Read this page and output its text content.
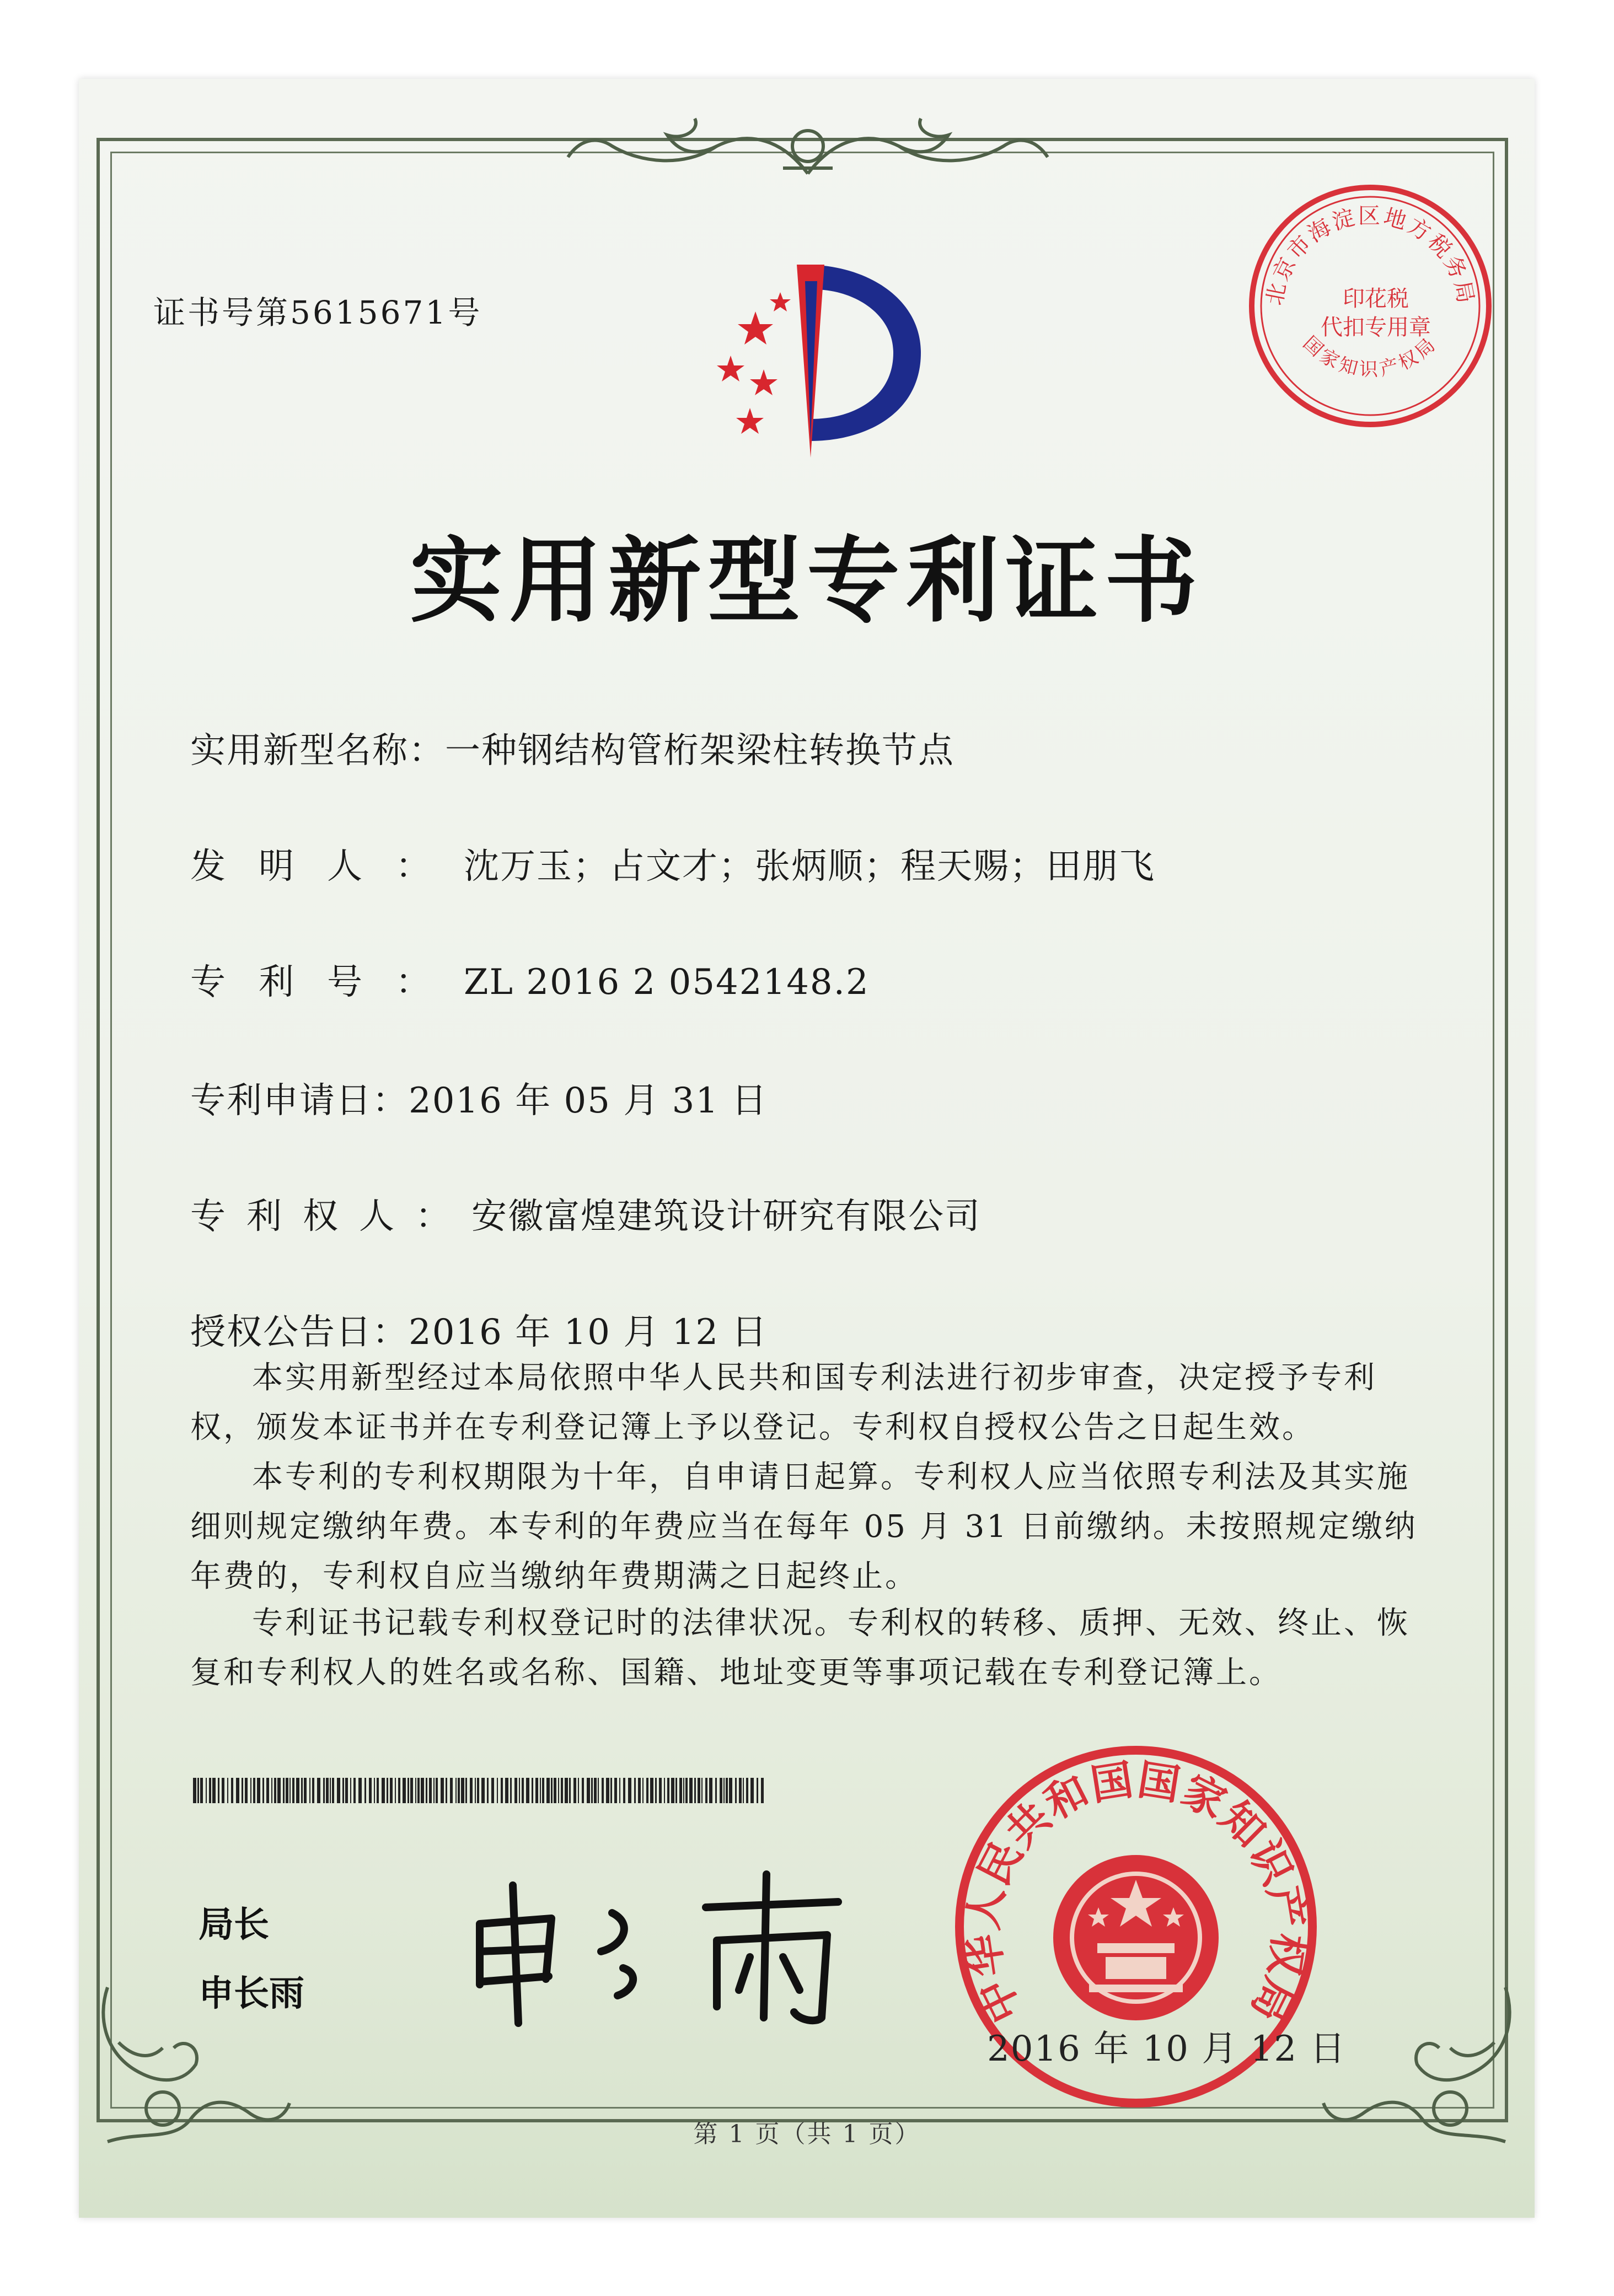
证书号第5615671号
北京市海淀区地方税务局
国家知识产权局
印花税
代扣专用章
实用新型专利证书
实用新型名称：一种钢结构管桁架梁柱转换节点
发明人：沈万玉；占文才；张炳顺；程天赐；田朋飞
专利号：ZL 2016 2 0542148.2
专利申请日：2016 年 05 月 31 日
专利权人：安徽富煌建筑设计研究有限公司
授权公告日：2016 年 10 月 12 日
本实用新型经过本局依照中华人民共和国专利法进行初步审查，决定授予专利权，颁发本证书并在专利登记簿上予以登记。专利权自授权公告之日起生效。
本专利的专利权期限为十年，自申请日起算。专利权人应当依照专利法及其实施细则规定缴纳年费。本专利的年费应当在每年 05 月 31 日前缴纳。未按照规定缴纳年费的，专利权自应当缴纳年费期满之日起终止。
专利证书记载专利权登记时的法律状况。专利权的转移、质押、无效、终止、恢复和专利权人的姓名或名称、国籍、地址变更等事项记载在专利登记簿上。
局长
申长雨	中华人民共和国国家知识产权局
2016 年 10 月 12 日
第 1 页（共 1 页）
